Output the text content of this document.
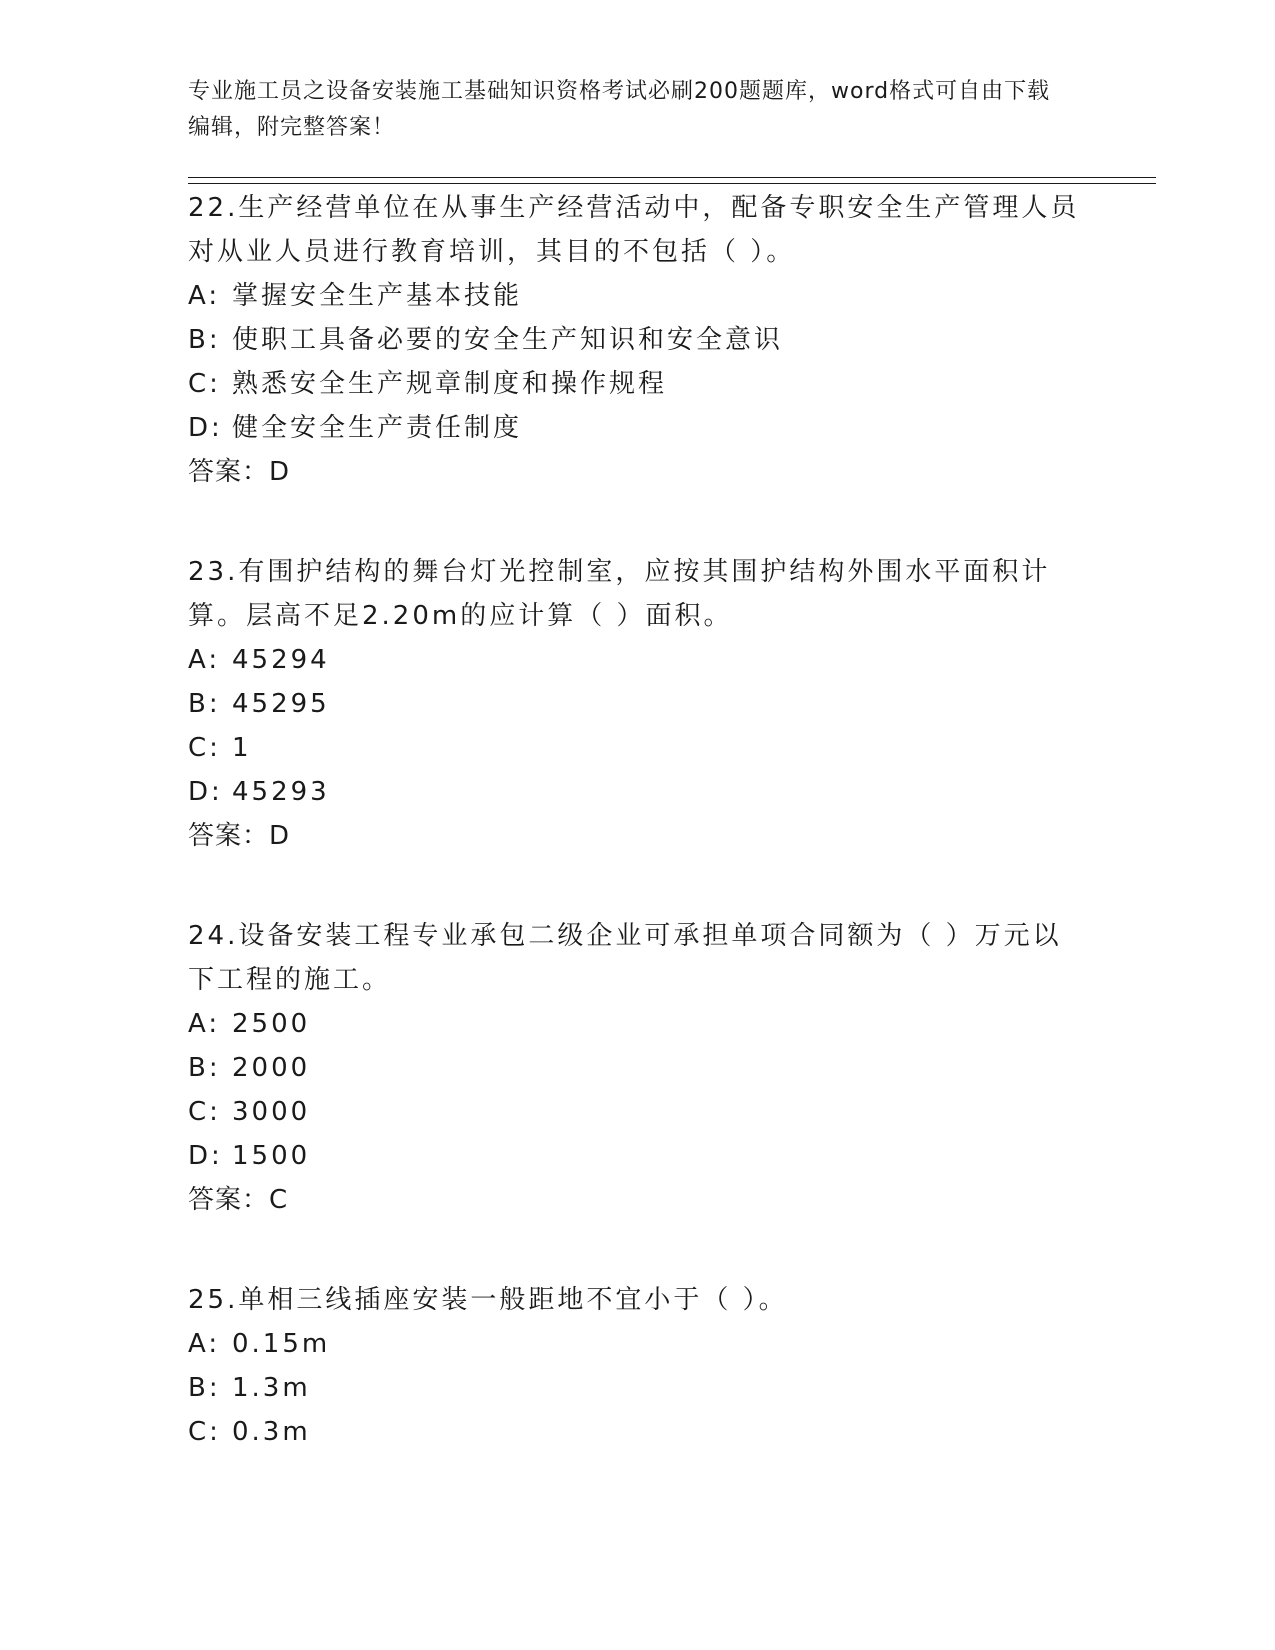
专业施工员之设备安装施工基础知识资格考试必刷200题题库，word格式可自由下载编辑，附完整答案！

22.生产经营单位在从事生产经营活动中，配备专职安全生产管理人员对从业人员进行教育培训，其目的不包括（ ）。

A: 掌握安全生产基本技能

B: 使职工具备必要的安全生产知识和安全意识

C: 熟悉安全生产规章制度和操作规程

D: 健全安全生产责任制度

答案：D

23.有围护结构的舞台灯光控制室，应按其围护结构外围水平面积计算。层高不足2.20m的应计算（ ）面积。

A: 45294

B: 45295

C: 1

D: 45293

答案：D

24.设备安装工程专业承包二级企业可承担单项合同额为（ ）万元以下工程的施工。

A: 2500

B: 2000

C: 3000

D: 1500

答案：C

25.单相三线插座安装一般距地不宜小于（ ）。

A: 0.15m

B: 1.3m

C: 0.3m
